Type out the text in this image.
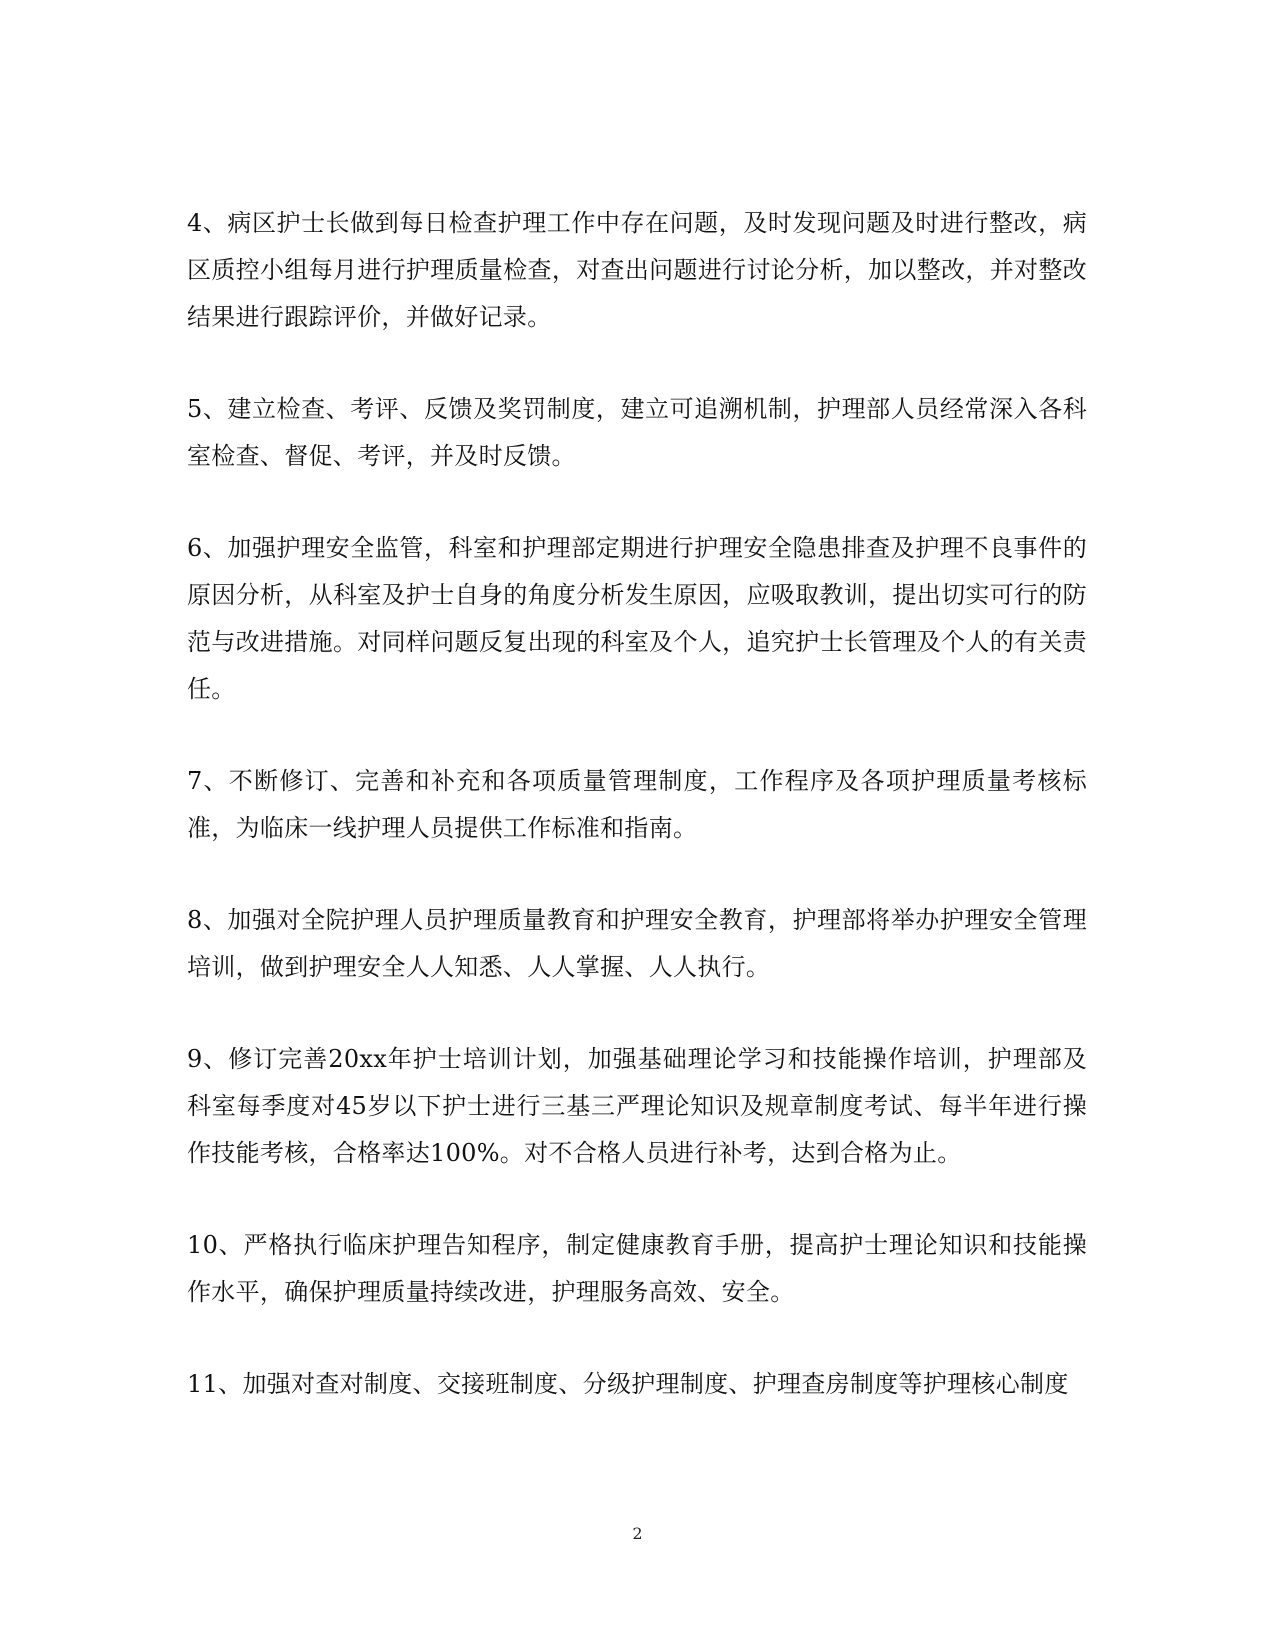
4、病区护士长做到每日检查护理工作中存在问题，及时发现问题及时进行整改，病区质控小组每月进行护理质量检查，对查出问题进行讨论分析，加以整改，并对整改结果进行跟踪评价，并做好记录。

5、建立检查、考评、反馈及奖罚制度，建立可追溯机制，护理部人员经常深入各科室检查、督促、考评，并及时反馈。

6、加强护理安全监管，科室和护理部定期进行护理安全隐患排查及护理不良事件的原因分析，从科室及护士自身的角度分析发生原因，应吸取教训，提出切实可行的防范与改进措施。对同样问题反复出现的科室及个人，追究护士长管理及个人的有关责任。

7、不断修订、完善和补充和各项质量管理制度，工作程序及各项护理质量考核标准，为临床一线护理人员提供工作标准和指南。

8、加强对全院护理人员护理质量教育和护理安全教育，护理部将举办护理安全管理培训，做到护理安全人人知悉、人人掌握、人人执行。

9、修订完善20xx年护士培训计划，加强基础理论学习和技能操作培训，护理部及科室每季度对45岁以下护士进行三基三严理论知识及规章制度考试、每半年进行操作技能考核，合格率达100%。对不合格人员进行补考，达到合格为止。

10、严格执行临床护理告知程序，制定健康教育手册，提高护士理论知识和技能操作水平，确保护理质量持续改进，护理服务高效、安全。

11、加强对查对制度、交接班制度、分级护理制度、护理查房制度等护理核心制度

2
